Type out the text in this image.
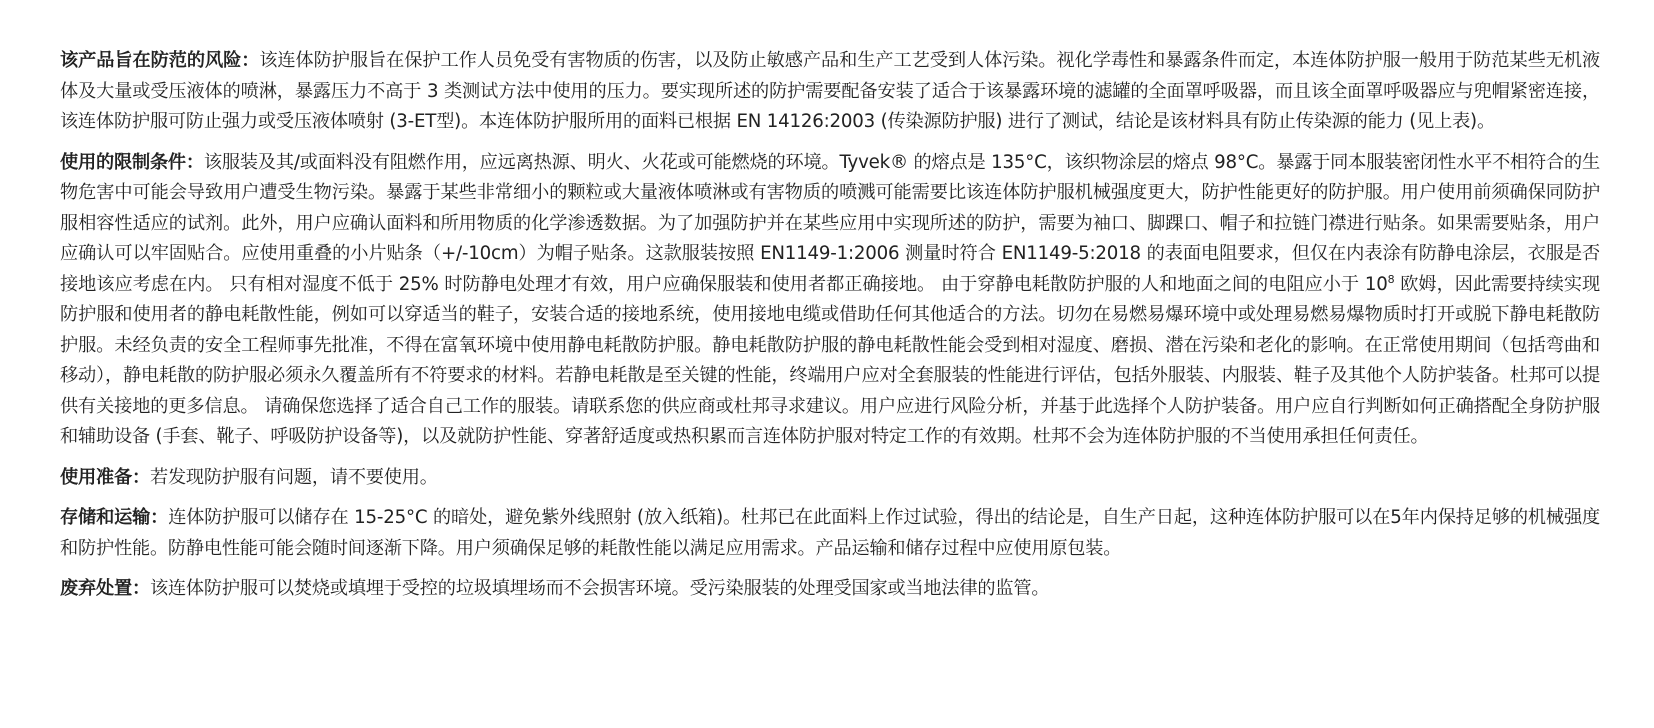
该产品旨在防范的风险：该连体防护服旨在保护工作人员免受有害物质的伤害，以及防止敏感产品和生产工艺受到人体污染。视化学毒性和暴露条件而定，本连体防护服一般用于防范某些无机液体及大量或受压液体的喷淋，暴露压力不高于 3 类测试方法中使用的压力。要实现所述的防护需要配备安装了适合于该暴露环境的滤罐的全面罩呼吸器，而且该全面罩呼吸器应与兜帽紧密连接，该连体防护服可防止强力或受压液体喷射 (3-ET型)。本连体防护服所用的面料已根据 EN 14126:2003 (传染源防护服) 进行了测试，结论是该材料具有防止传染源的能力 (见上表)。

使用的限制条件：该服装及其/或面料没有阻燃作用，应远离热源、明火、火花或可能燃烧的环境。Tyvek® 的熔点是 135°C，该织物涂层的熔点 98°C。暴露于同本服装密闭性水平不相符合的生物危害中可能会导致用户遭受生物污染。暴露于某些非常细小的颗粒或大量液体喷淋或有害物质的喷溅可能需要比该连体防护服机械强度更大，防护性能更好的防护服。用户使用前须确保同防护服相容性适应的试剂。此外，用户应确认面料和所用物质的化学渗透数据。为了加强防护并在某些应用中实现所述的防护，需要为袖口、脚踝口、帽子和拉链门襟进行贴条。如果需要贴条，用户应确认可以牢固贴合。应使用重叠的小片贴条（+/-10cm）为帽子贴条。这款服装按照 EN1149-1:2006 测量时符合 EN1149-5:2018 的表面电阻要求，但仅在内表涂有防静电涂层，衣服是否接地该应考虑在内。 只有相对湿度不低于 25% 时防静电处理才有效，用户应确保服装和使用者都正确接地。 由于穿静电耗散防护服的人和地面之间的电阻应小于 $10^8$ 欧姆，因此需要持续实现防护服和使用者的静电耗散性能，例如可以穿适当的鞋子，安装合适的接地系统，使用接地电缆或借助任何其他适合的方法。切勿在易燃易爆环境中或处理易燃易爆物质时打开或脱下静电耗散防护服。未经负责的安全工程师事先批准，不得在富氧环境中使用静电耗散防护服。静电耗散防护服的静电耗散性能会受到相对湿度、磨损、潜在污染和老化的影响。在正常使用期间（包括弯曲和移动），静电耗散的防护服必须永久覆盖所有不符要求的材料。若静电耗散是至关键的性能，终端用户应对全套服装的性能进行评估，包括外服装、内服装、鞋子及其他个人防护装备。杜邦可以提供有关接地的更多信息。 请确保您选择了适合自己工作的服装。请联系您的供应商或杜邦寻求建议。用户应进行风险分析，并基于此选择个人防护装备。用户应自行判断如何正确搭配全身防护服和辅助设备 (手套、靴子、呼吸防护设备等)，以及就防护性能、穿著舒适度或热积累而言连体防护服对特定工作的有效期。杜邦不会为连体防护服的不当使用承担任何责任。

使用准备：若发现防护服有问题，请不要使用。

存储和运输：连体防护服可以储存在 15-25°C 的暗处，避免紫外线照射 (放入纸箱)。杜邦已在此面料上作过试验，得出的结论是，自生产日起，这种连体防护服可以在5年内保持足够的机械强度和防护性能。防静电性能可能会随时间逐渐下降。用户须确保足够的耗散性能以满足应用需求。产品运输和储存过程中应使用原包装。

废弃处置：该连体防护服可以焚烧或填埋于受控的垃圾填埋场而不会损害环境。受污染服装的处理受国家或当地法律的监管。
